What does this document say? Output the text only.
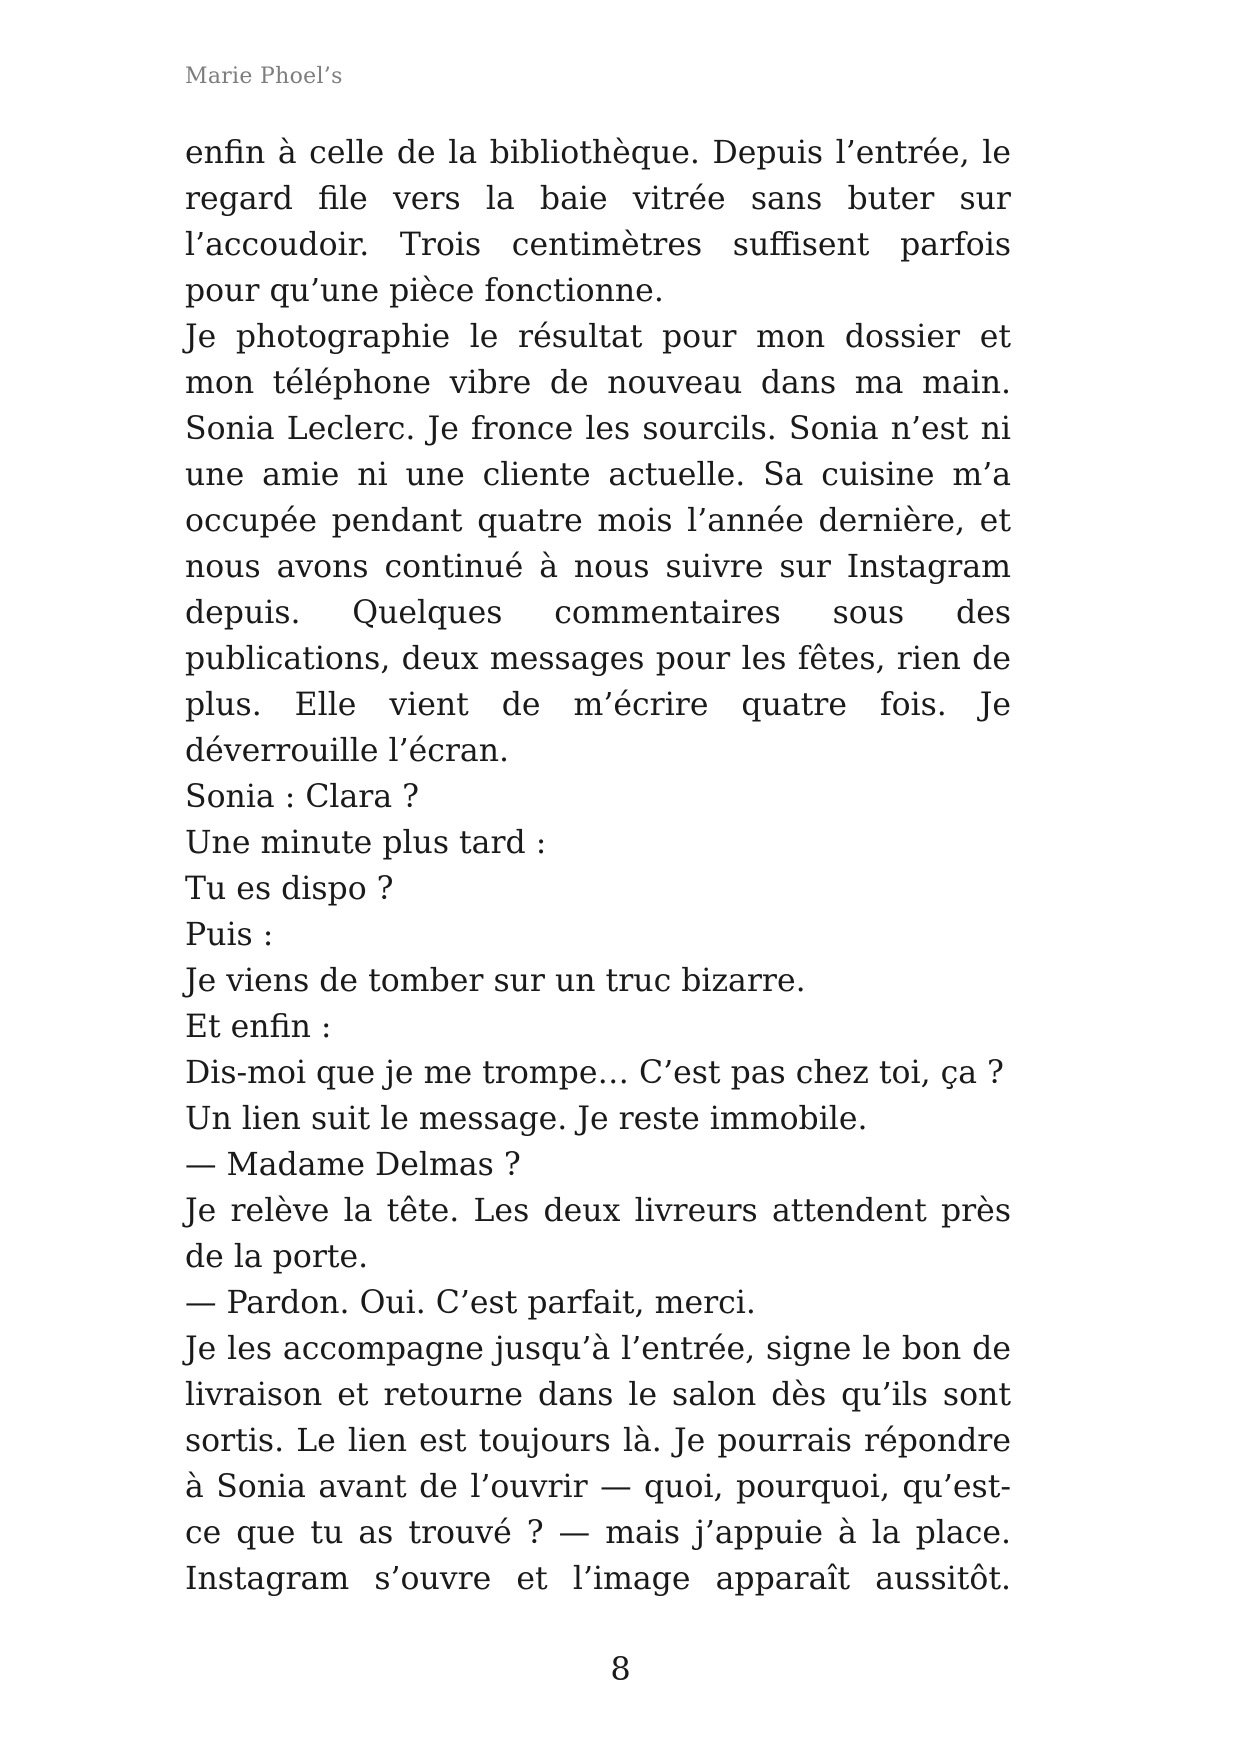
Marie Phoel’s

enfin à celle de la bibliothèque. Depuis l’entrée, le regard file vers la baie vitrée sans buter sur l’accoudoir. Trois centimètres suffisent parfois pour qu’une pièce fonctionne.

Je photographie le résultat pour mon dossier et mon téléphone vibre de nouveau dans ma main. Sonia Leclerc. Je fronce les sourcils. Sonia n’est ni une amie ni une cliente actuelle. Sa cuisine m’a occupée pendant quatre mois l’année dernière, et nous avons continué à nous suivre sur Instagram depuis. Quelques commentaires sous des publications, deux messages pour les fêtes, rien de plus. Elle vient de m’écrire quatre fois. Je déverrouille l’écran.

Sonia : Clara ?

Une minute plus tard :

Tu es dispo ?

Puis :

Je viens de tomber sur un truc bizarre.

Et enfin :

Dis-moi que je me trompe… C’est pas chez toi, ça ?

Un lien suit le message. Je reste immobile.

— Madame Delmas ?

Je relève la tête. Les deux livreurs attendent près de la porte.

— Pardon. Oui. C’est parfait, merci.

Je les accompagne jusqu’à l’entrée, signe le bon de livraison et retourne dans le salon dès qu’ils sont sortis. Le lien est toujours là. Je pourrais répondre à Sonia avant de l’ouvrir — quoi, pourquoi, qu’est-ce que tu as trouvé ? — mais j’appuie à la place. Instagram s’ouvre et l’image apparaît aussitôt.

8
